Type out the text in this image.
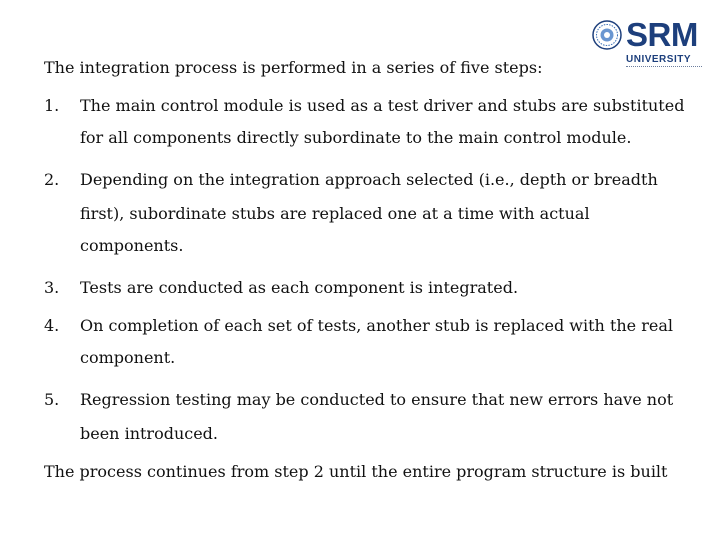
SRM
UNIVERSITY
The integration process is performed in a series of five steps:
1. The main control module is used as a test driver and stubs are substituted
for all components directly subordinate to the main control module.
2. Depending on the integration approach selected (i.e., depth or breadth
first), subordinate stubs are replaced one at a time with actual
components.
3. Tests are conducted as each component is integrated.
4. On completion of each set of tests, another stub is replaced with the real
component.
5. Regression testing may be conducted to ensure that new errors have not
been introduced.
The process continues from step 2 until the entire program structure is built
